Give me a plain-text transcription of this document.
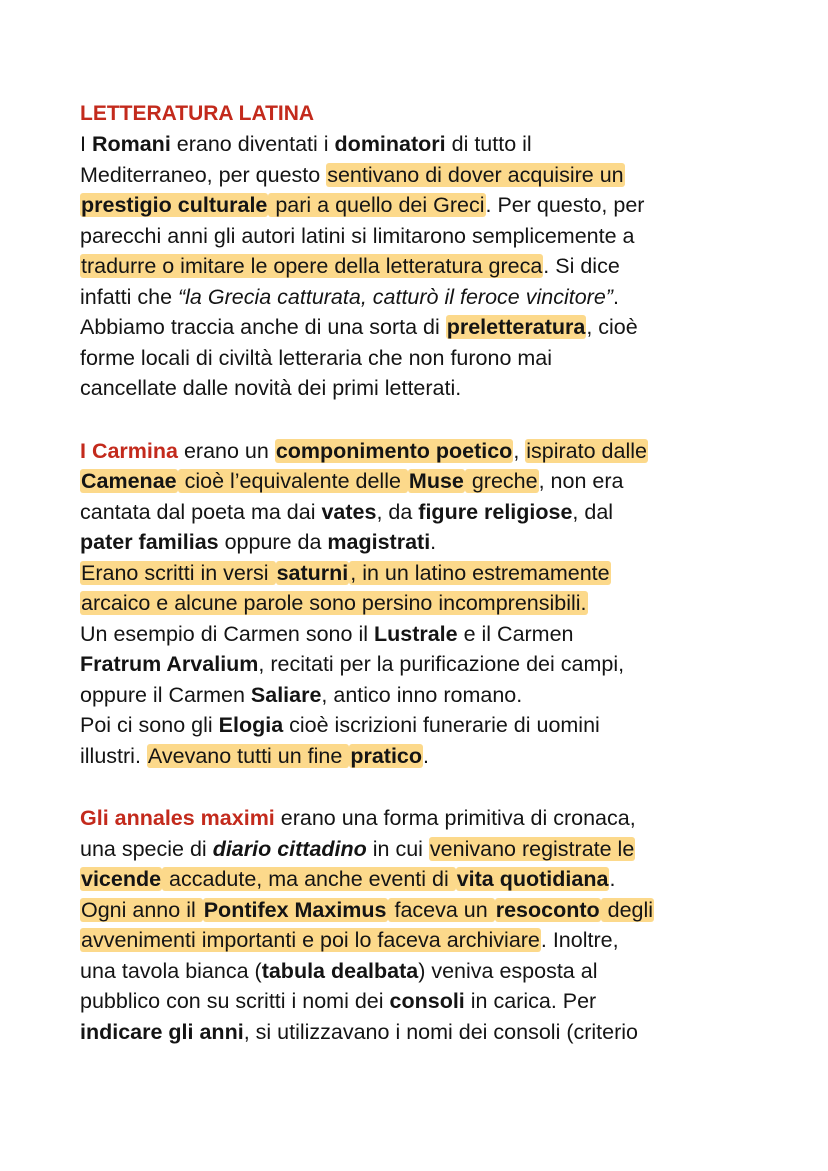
LETTERATURA LATINA
I Romani erano diventati i dominatori di tutto il
Mediterraneo, per questo sentivano di dover acquisire un
prestigio culturale pari a quello dei Greci. Per questo, per
parecchi anni gli autori latini si limitarono semplicemente a
tradurre o imitare le opere della letteratura greca. Si dice
infatti che “la Grecia catturata, catturò il feroce vincitore”.
Abbiamo traccia anche di una sorta di preletteratura, cioè
forme locali di civiltà letteraria che non furono mai
cancellate dalle novità dei primi letterati.
I Carmina erano un componimento poetico, ispirato dalle
Camenae cioè l’equivalente delle Muse greche, non era
cantata dal poeta ma dai vates, da figure religiose, dal
pater familias oppure da magistrati.
Erano scritti in versi saturni, in un latino estremamente
arcaico e alcune parole sono persino incomprensibili.
Un esempio di Carmen sono il Lustrale e il Carmen
Fratrum Arvalium, recitati per la purificazione dei campi,
oppure il Carmen Saliare, antico inno romano.
Poi ci sono gli Elogia cioè iscrizioni funerarie di uomini
illustri. Avevano tutti un fine pratico.
Gli annales maximi erano una forma primitiva di cronaca,
una specie di diario cittadino in cui venivano registrate le
vicende accadute, ma anche eventi di vita quotidiana.
Ogni anno il Pontifex Maximus faceva un resoconto degli
avvenimenti importanti e poi lo faceva archiviare. Inoltre,
una tavola bianca (tabula dealbata) veniva esposta al
pubblico con su scritti i nomi dei consoli in carica. Per
indicare gli anni, si utilizzavano i nomi dei consoli (criterio
